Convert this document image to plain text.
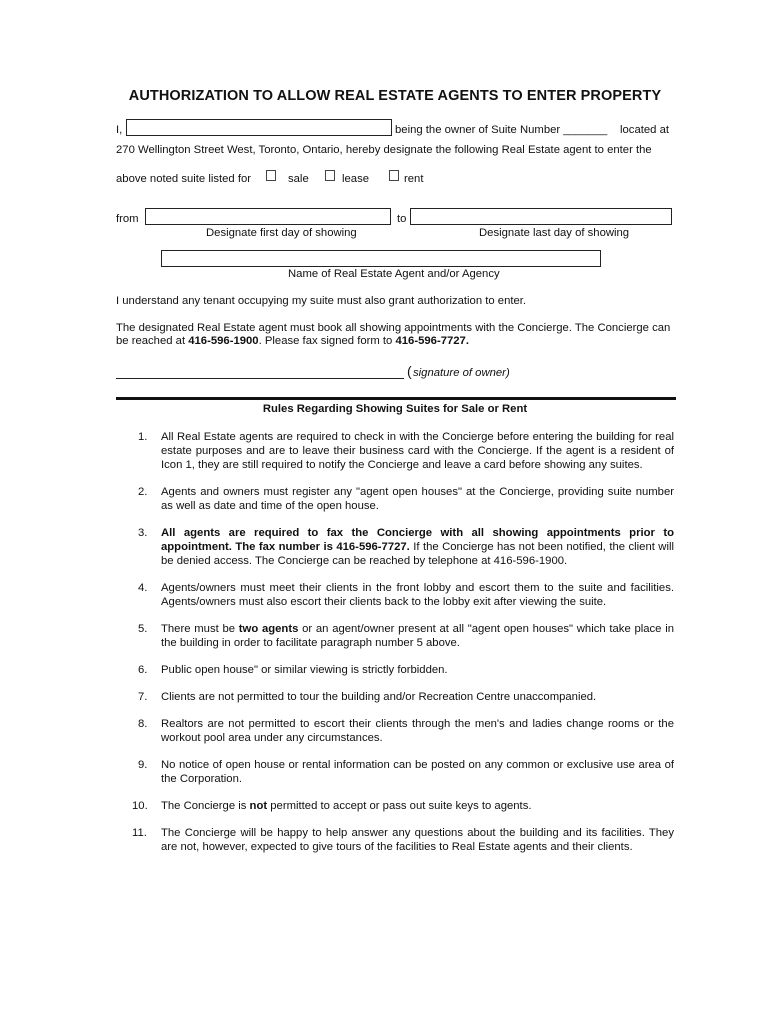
AUTHORIZATION TO ALLOW REAL ESTATE AGENTS TO ENTER PROPERTY
I,	being the owner of Suite Number _______ located at
270 Wellington Street West, Toronto, Ontario, hereby designate the following Real Estate agent to enter the
above noted suite listed for	sale	lease	rent
from	to
Designate first day of showing	Designate last day of showing
Name of Real Estate Agent and/or Agency
I understand any tenant occupying my suite must also grant authorization to enter.
The designated Real Estate agent must book all showing appointments with the Concierge. The Concierge can
be reached at 416-596-1900. Please fax signed form to 416-596-7727.
( signature of owner)
Rules Regarding Showing Suites for Sale or Rent
1.	All Real Estate agents are required to check in with the Concierge before entering the building for real estate purposes and are to leave their business card with the Concierge. If the agent is a resident of Icon 1, they are still required to notify the Concierge and leave a card before showing any suites.
2.	Agents and owners must register any "agent open houses" at the Concierge, providing suite number as well as date and time of the open house.
3.	All agents are required to fax the Concierge with all showing appointments prior to appointment. The fax number is 416-596-7727. If the Concierge has not been notified, the client will be denied access. The Concierge can be reached by telephone at 416-596-1900.
4.	Agents/owners must meet their clients in the front lobby and escort them to the suite and facilities. Agents/owners must also escort their clients back to the lobby exit after viewing the suite.
5.	There must be two agents or an agent/owner present at all "agent open houses" which take place in the building in order to facilitate paragraph number 5 above.
6.	Public open house" or similar viewing is strictly forbidden.
7.	Clients are not permitted to tour the building and/or Recreation Centre unaccompanied.
8.	Realtors are not permitted to escort their clients through the men's and ladies change rooms or the workout pool area under any circumstances.
9.	No notice of open house or rental information can be posted on any common or exclusive use area of the Corporation.
10.	The Concierge is not permitted to accept or pass out suite keys to agents.
11.	The Concierge will be happy to help answer any questions about the building and its facilities. They are not, however, expected to give tours of the facilities to Real Estate agents and their clients.
